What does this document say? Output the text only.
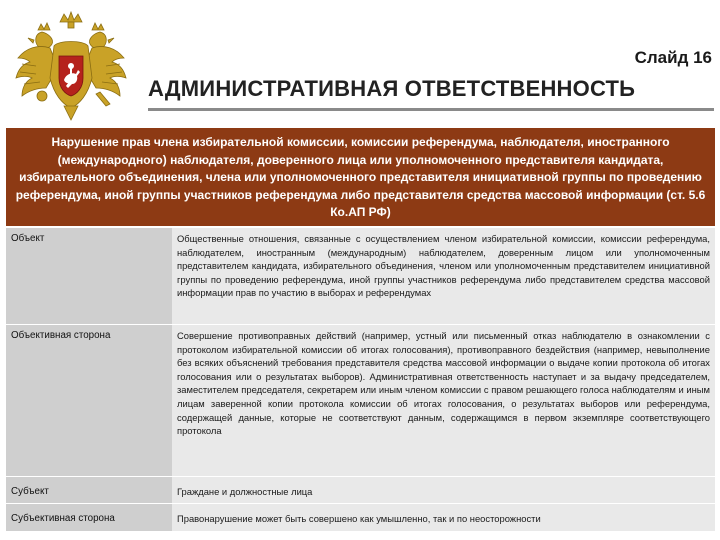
Слайд 16
АДМИНИСТРАТИВНАЯ ОТВЕТСТВЕННОСТЬ
Нарушение прав члена избирательной комиссии, комиссии референдума, наблюдателя, иностранного (международного) наблюдателя, доверенного лица или уполномоченного представителя кандидата, избирательного объединения, члена или уполномоченного представителя инициативной группы по проведению референдума, иной группы участников референдума либо представителя средства массовой информации (ст. 5.6 Ко.АП РФ)
Объект	Общественные отношения, связанные с осуществлением членом избирательной комиссии, комиссии референдума, наблюдателем, иностранным (международным) наблюдателем, доверенным лицом или уполномоченным представителем кандидата, избирательного объединения, членом или уполномоченным представителем инициативной группы по проведению референдума, иной группы участников референдума либо представителем средства массовой информации прав по участию в выборах и референдумах
Объективная сторона	Совершение противоправных действий (например, устный или письменный отказ наблюдателю в ознакомлении с протоколом избирательной комиссии об итогах голосования), противоправного бездействия (например, невыполнение без всяких объяснений требования представителя средства массовой информации о выдаче копии протокола об итогах голосования или о результатах выборов). Административная ответственность наступает и за выдачу председателем, заместителем председателя, секретарем или иным членом комиссии с правом решающего голоса наблюдателям и иным лицам заверенной копии протокола комиссии об итогах голосования, о результатах выборов или референдума, содержащей данные, которые не соответствуют данным, содержащимся в первом экземпляре соответствующего протокола
Субъект	Граждане и должностные лица
Субъективная сторона	Правонарушение может быть совершено как умышленно, так и по неосторожности
